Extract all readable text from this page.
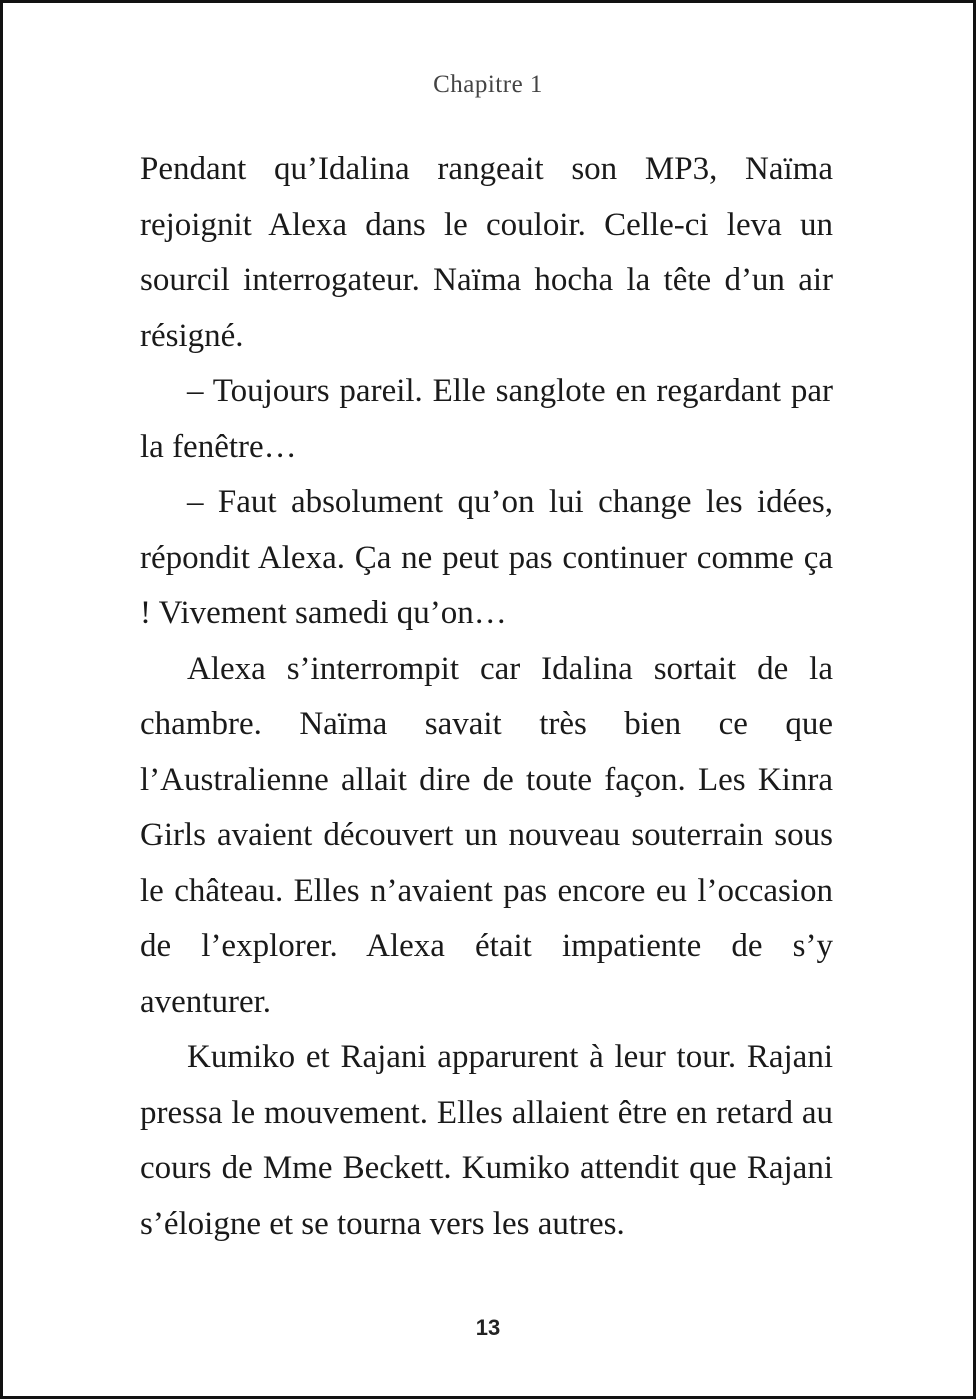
Chapitre 1

Pendant qu’Idalina rangeait son MP3, Naïma rejoignit Alexa dans le couloir. Celle-ci leva un sourcil interrogateur. Naïma hocha la tête d’un air résigné.

– Toujours pareil. Elle sanglote en regardant par la fenêtre…

– Faut absolument qu’on lui change les idées, répondit Alexa. Ça ne peut pas continuer comme ça ! Vivement samedi qu’on…

Alexa s’interrompit car Idalina sortait de la chambre. Naïma savait très bien ce que l’Australienne allait dire de toute façon. Les Kinra Girls avaient découvert un nouveau souterrain sous le château. Elles n’avaient pas encore eu l’occasion de l’explorer. Alexa était impatiente de s’y aventurer.

Kumiko et Rajani apparurent à leur tour. Rajani pressa le mouvement. Elles allaient être en retard au cours de Mme Beckett. Kumiko attendit que Rajani s’éloigne et se tourna vers les autres.

13
